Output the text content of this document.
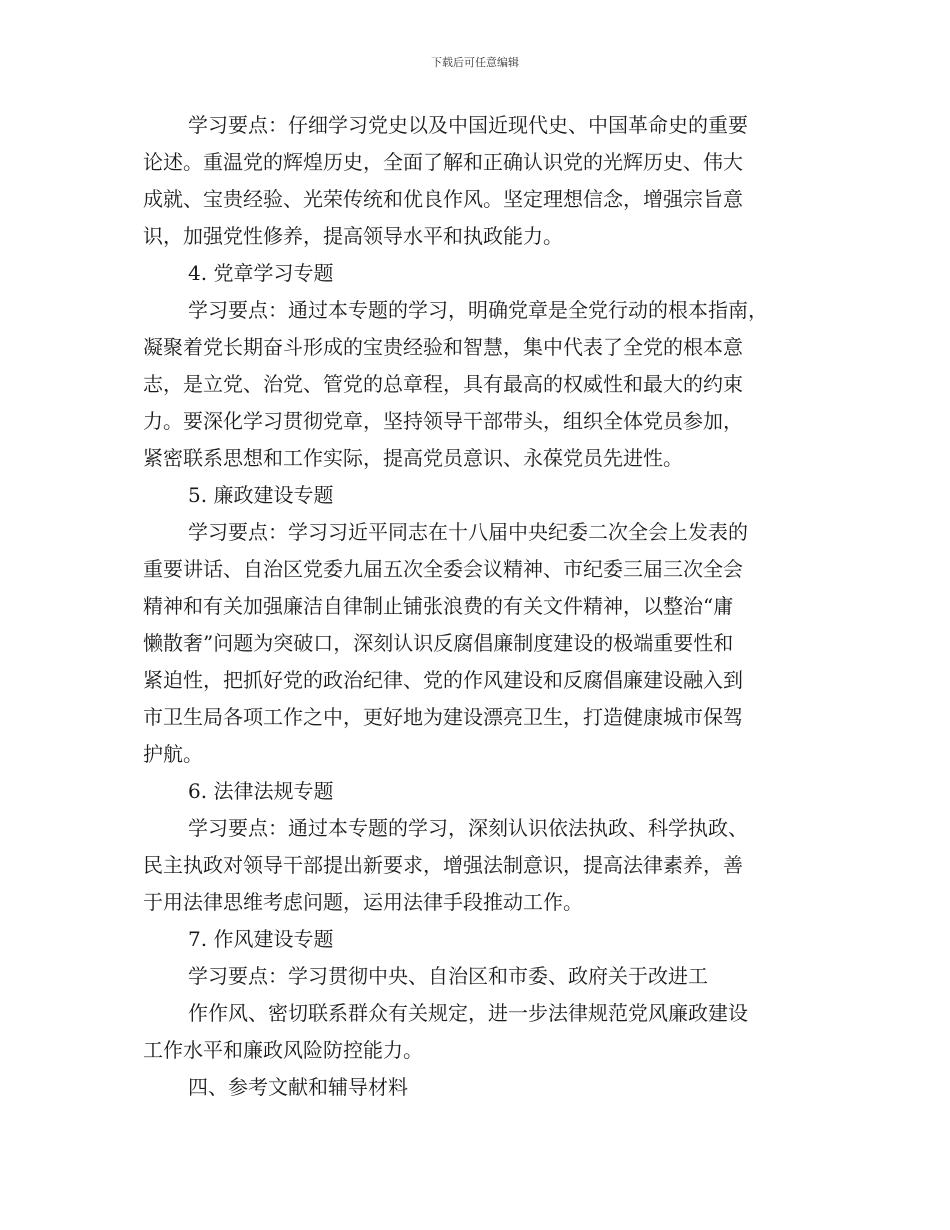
下载后可任意编辑
学习要点：仔细学习党史以及中国近现代史、中国革命史的重要
论述。重温党的辉煌历史，全面了解和正确认识党的光辉历史、伟大
成就、宝贵经验、光荣传统和优良作风。坚定理想信念，增强宗旨意
识，加强党性修养，提高领导水平和执政能力。
4. 党章学习专题
学习要点：通过本专题的学习，明确党章是全党行动的根本指南，
凝聚着党长期奋斗形成的宝贵经验和智慧，集中代表了全党的根本意
志，是立党、治党、管党的总章程，具有最高的权威性和最大的约束
力。要深化学习贯彻党章，坚持领导干部带头，组织全体党员参加，
紧密联系思想和工作实际，提高党员意识、永葆党员先进性。
5. 廉政建设专题
学习要点：学习习近平同志在十八届中央纪委二次全会上发表的
重要讲话、自治区党委九届五次全委会议精神、市纪委三届三次全会
精神和有关加强廉洁自律制止铺张浪费的有关文件精神，以整治“庸
懒散奢”问题为突破口，深刻认识反腐倡廉制度建设的极端重要性和
紧迫性，把抓好党的政治纪律、党的作风建设和反腐倡廉建设融入到
市卫生局各项工作之中，更好地为建设漂亮卫生，打造健康城市保驾
护航。
6. 法律法规专题
学习要点：通过本专题的学习，深刻认识依法执政、科学执政、
民主执政对领导干部提出新要求，增强法制意识，提高法律素养，善
于用法律思维考虑问题，运用法律手段推动工作。
7. 作风建设专题
学习要点：学习贯彻中央、自治区和市委、政府关于改进工
作作风、密切联系群众有关规定，进一步法律规范党风廉政建设
工作水平和廉政风险防控能力。
四、参考文献和辅导材料
